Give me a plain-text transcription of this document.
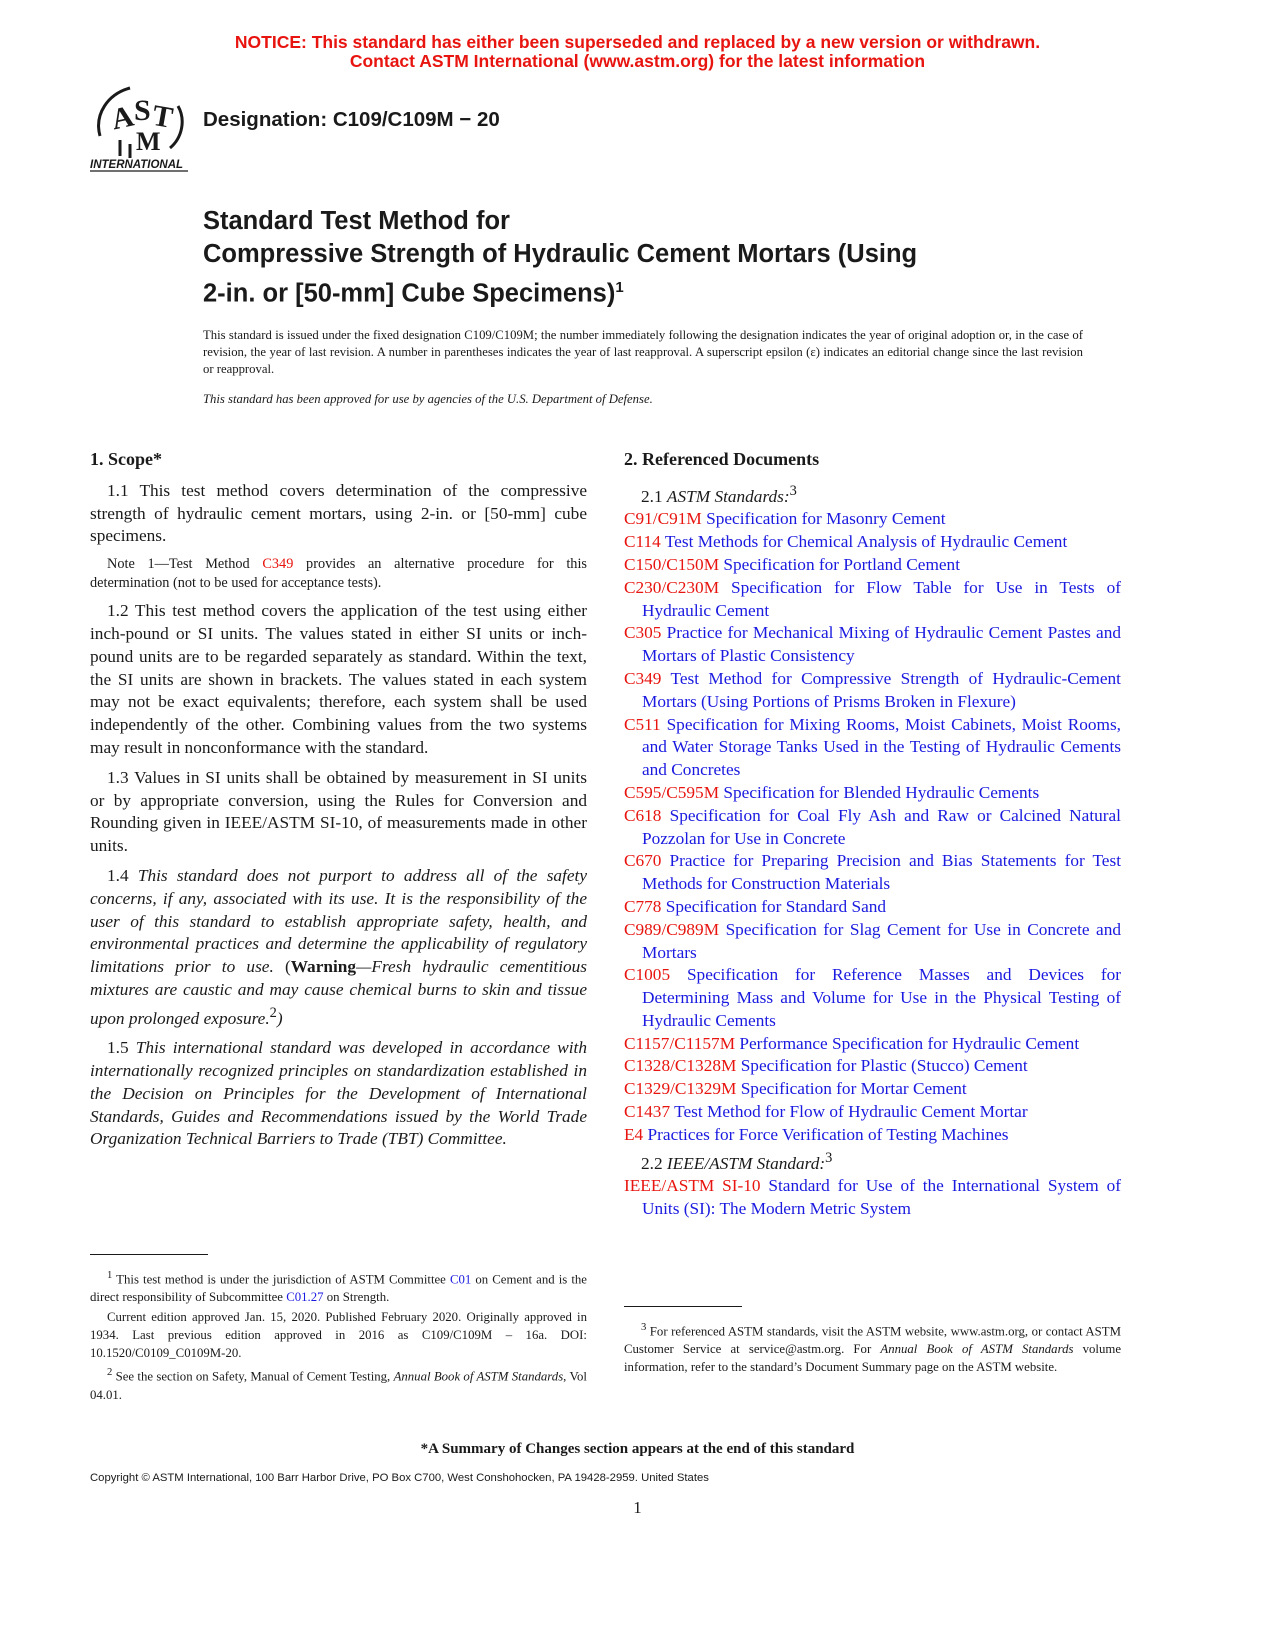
NOTICE: This standard has either been superseded and replaced by a new version or withdrawn.
Contact ASTM International (www.astm.org) for the latest information
A
S T
M
INTERNATIONAL
Designation: C109/C109M − 20
Standard Test Method for
Compressive Strength of Hydraulic Cement Mortars (Using
2-in. or [50-mm] Cube Specimens)$^1$
This standard is issued under the fixed designation C109/C109M; the number immediately following the designation indicates the year of original adoption or, in the case of revision, the year of last revision. A number in parentheses indicates the year of last reapproval. A superscript epsilon (ε) indicates an editorial change since the last revision or reapproval.
This standard has been approved for use by agencies of the U.S. Department of Defense.
1. Scope*

1.1 This test method covers determination of the compressive strength of hydraulic cement mortars, using 2-in. or [50-mm] cube specimens.

Note 1—Test Method C349 provides an alternative procedure for this determination (not to be used for acceptance tests).

1.2 This test method covers the application of the test using either inch-pound or SI units. The values stated in either SI units or inch-pound units are to be regarded separately as standard. Within the text, the SI units are shown in brackets. The values stated in each system may not be exact equivalents; therefore, each system shall be used independently of the other. Combining values from the two systems may result in nonconformance with the standard.

1.3 Values in SI units shall be obtained by measurement in SI units or by appropriate conversion, using the Rules for Conversion and Rounding given in IEEE/ASTM SI-10, of measurements made in other units.

1.4 This standard does not purport to address all of the safety concerns, if any, associated with its use. It is the responsibility of the user of this standard to establish appropriate safety, health, and environmental practices and determine the applicability of regulatory limitations prior to use. (Warning—Fresh hydraulic cementitious mixtures are caustic and may cause chemical burns to skin and tissue upon prolonged exposure.$^2$)

1.5 This international standard was developed in accordance with internationally recognized principles on standardization established in the Decision on Principles for the Development of International Standards, Guides and Recommendations issued by the World Trade Organization Technical Barriers to Trade (TBT) Committee.

$^1$ This test method is under the jurisdiction of ASTM Committee C01 on Cement and is the direct responsibility of Subcommittee C01.27 on Strength.

Current edition approved Jan. 15, 2020. Published February 2020. Originally approved in 1934. Last previous edition approved in 2016 as C109/C109M – 16a. DOI: 10.1520/C0109_C0109M-20.

$^2$ See the section on Safety, Manual of Cement Testing, Annual Book of ASTM Standards, Vol 04.01.

2. Referenced Documents

2.1 ASTM Standards:$^3$

C91/C91M Specification for Masonry Cement

C114 Test Methods for Chemical Analysis of Hydraulic Cement

C150/C150M Specification for Portland Cement

C230/C230M Specification for Flow Table for Use in Tests of Hydraulic Cement

C305 Practice for Mechanical Mixing of Hydraulic Cement Pastes and Mortars of Plastic Consistency

C349 Test Method for Compressive Strength of Hydraulic-Cement Mortars (Using Portions of Prisms Broken in Flexure)

C511 Specification for Mixing Rooms, Moist Cabinets, Moist Rooms, and Water Storage Tanks Used in the Testing of Hydraulic Cements and Concretes

C595/C595M Specification for Blended Hydraulic Cements

C618 Specification for Coal Fly Ash and Raw or Calcined Natural Pozzolan for Use in Concrete

C670 Practice for Preparing Precision and Bias Statements for Test Methods for Construction Materials

C778 Specification for Standard Sand

C989/C989M Specification for Slag Cement for Use in Concrete and Mortars

C1005 Specification for Reference Masses and Devices for Determining Mass and Volume for Use in the Physical Testing of Hydraulic Cements

C1157/C1157M Performance Specification for Hydraulic Cement

C1328/C1328M Specification for Plastic (Stucco) Cement

C1329/C1329M Specification for Mortar Cement

C1437 Test Method for Flow of Hydraulic Cement Mortar

E4 Practices for Force Verification of Testing Machines

2.2 IEEE/ASTM Standard:$^3$

IEEE/ASTM SI-10 Standard for Use of the International System of Units (SI): The Modern Metric System

$^3$ For referenced ASTM standards, visit the ASTM website, www.astm.org, or contact ASTM Customer Service at service@astm.org. For Annual Book of ASTM Standards volume information, refer to the standard’s Document Summary page on the ASTM website.

*A Summary of Changes section appears at the end of this standard
Copyright © ASTM International, 100 Barr Harbor Drive, PO Box C700, West Conshohocken, PA 19428-2959. United States
1
